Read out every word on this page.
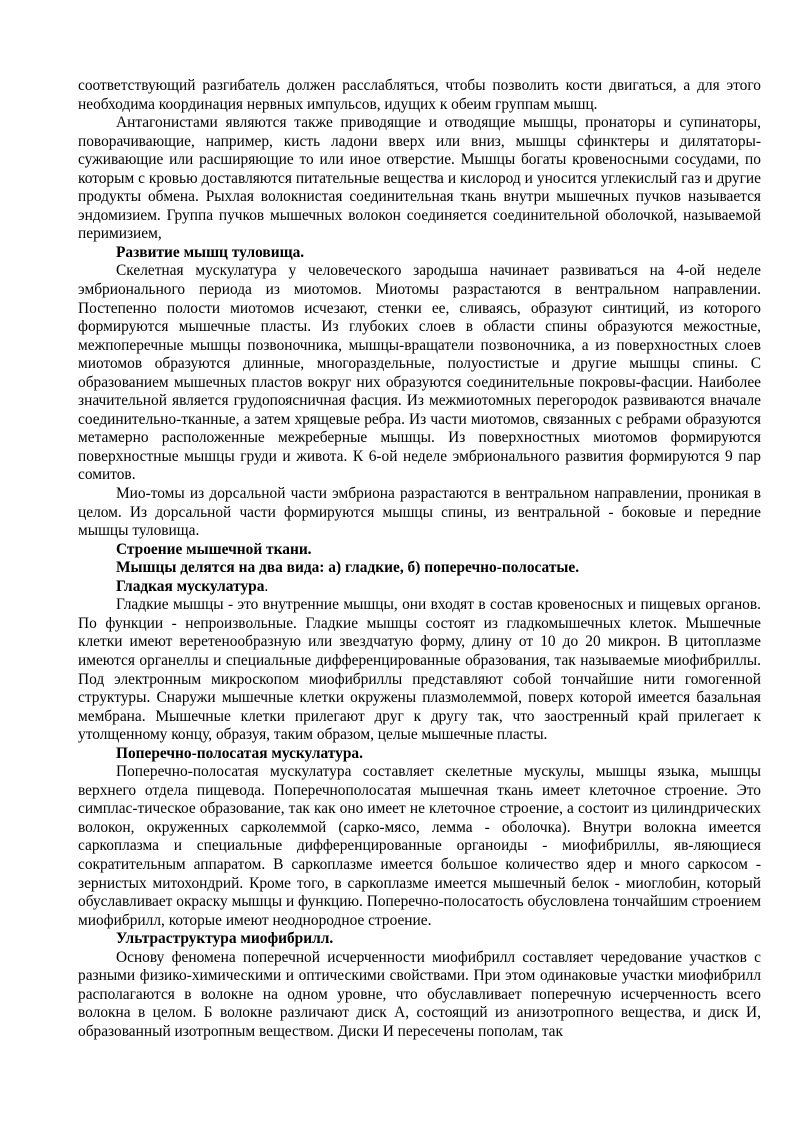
соответствующий разгибатель должен расслабляться, чтобы позволить кости двигаться, а для этого необходима координация нервных импульсов, идущих к обеим группам мышц.

Антагонистами являются также приводящие и отводящие мышцы, пронаторы и супинаторы, поворачивающие, например, кисть ладони вверх или вниз, мышцы сфинктеры и дилятаторы-суживающие или расширяющие то или иное отверстие. Мышцы богаты кровеносными сосудами, по которым с кровью доставляются питательные вещества и кислород и уносится углекислый газ и другие продукты обмена. Рыхлая волокнистая соединительная ткань внутри мышечных пучков называется эндомизием. Группа пучков мышечных волокон соединяется соединительной оболочкой, называемой перимизием,

Развитие мышц туловища.

Скелетная мускулатура у человеческого зародыша начинает развиваться на 4-ой неделе эмбрионального периода из миотомов. Миотомы разрастаются в вентральном направлении. Постепенно полости миотомов исчезают, стенки ее, сливаясь, образуют синтиций, из которого формируются мышечные пласты. Из глубоких слоев в области спины образуются межостные, межпоперечные мышцы позвоночника, мышцы-вращатели позвоночника, а из поверхностных слоев миотомов образуются длинные, многораздельные, полуостистые и другие мышцы спины. С образованием мышечных пластов вокруг них образуются соединительные покровы-фасции. Наиболее значительной является грудопоясничная фасция. Из межмиотомных перегородок развиваются вначале соединительно-тканные, а затем хрящевые ребра. Из части миотомов, связанных с ребрами образуются метамерно расположенные межреберные мышцы. Из поверхностных миотомов формируются поверхностные мышцы груди и живота. К 6-ой неделе эмбрионального развития формируются 9 пар сомитов.

Мио-томы из дорсальной части эмбриона разрастаются в вентральном направлении, проникая в целом. Из дорсальной части формируются мышцы спины, из вентральной - боковые и передние мышцы туловища.

Строение мышечной ткани.

Мышцы делятся на два вида: а) гладкие, б) поперечно-полосатые.

Гладкая мускулатура.

Гладкие мышцы - это внутренние мышцы, они входят в состав кровеносных и пищевых органов. По функции - непроизвольные. Гладкие мышцы состоят из гладкомышечных клеток. Мышечные клетки имеют веретенообразную или звездчатую форму, длину от 10 до 20 микрон. В цитоплазме имеются органеллы и специальные дифференцированные образования, так называемые миофибриллы. Под электронным микроскопом миофибриллы представляют собой тончайшие нити гомогенной структуры. Снаружи мышечные клетки окружены плазмолеммой, поверх которой имеется базальная мембрана. Мышечные клетки прилегают друг к другу так, что заостренный край прилегает к утолщенному концу, образуя, таким образом, целые мышечные пласты.

Поперечно-полосатая мускулатура.

Поперечно-полосатая мускулатура составляет скелетные мускулы, мышцы языка, мышцы верхнего отдела пищевода. Поперечнополосатая мышечная ткань имеет клеточное строение. Это симплас-тическое образование, так как оно имеет не клеточное строение, а состоит из цилиндрических волокон, окруженных сарколеммой (сарко-мясо, лемма - оболочка). Внутри волокна имеется саркоплазма и специальные дифференцированные органоиды - миофибриллы, яв-ляющиеся сократительным аппаратом. В саркоплазме имеется большое количество ядер и много саркосом - зернистых митохондрий. Кроме того, в саркоплазме имеется мышечный белок - миоглобин, который обуславливает окраску мышцы и функцию. Поперечно-полосатость обусловлена тончайшим строением миофибрилл, которые имеют неоднородное строение.

Ультраструктура миофибрилл.

Основу феномена поперечной исчерченности миофибрилл составляет чередование участков с разными физико-химическими и оптическими свойствами. При этом одинаковые участки миофибрилл располагаются в волокне на одном уровне, что обуславливает поперечную исчерченность всего волокна в целом. Б волокне различают диск А, состоящий из анизотропного вещества, и диск И, образованный изотропным веществом. Диски И пересечены пополам, так
